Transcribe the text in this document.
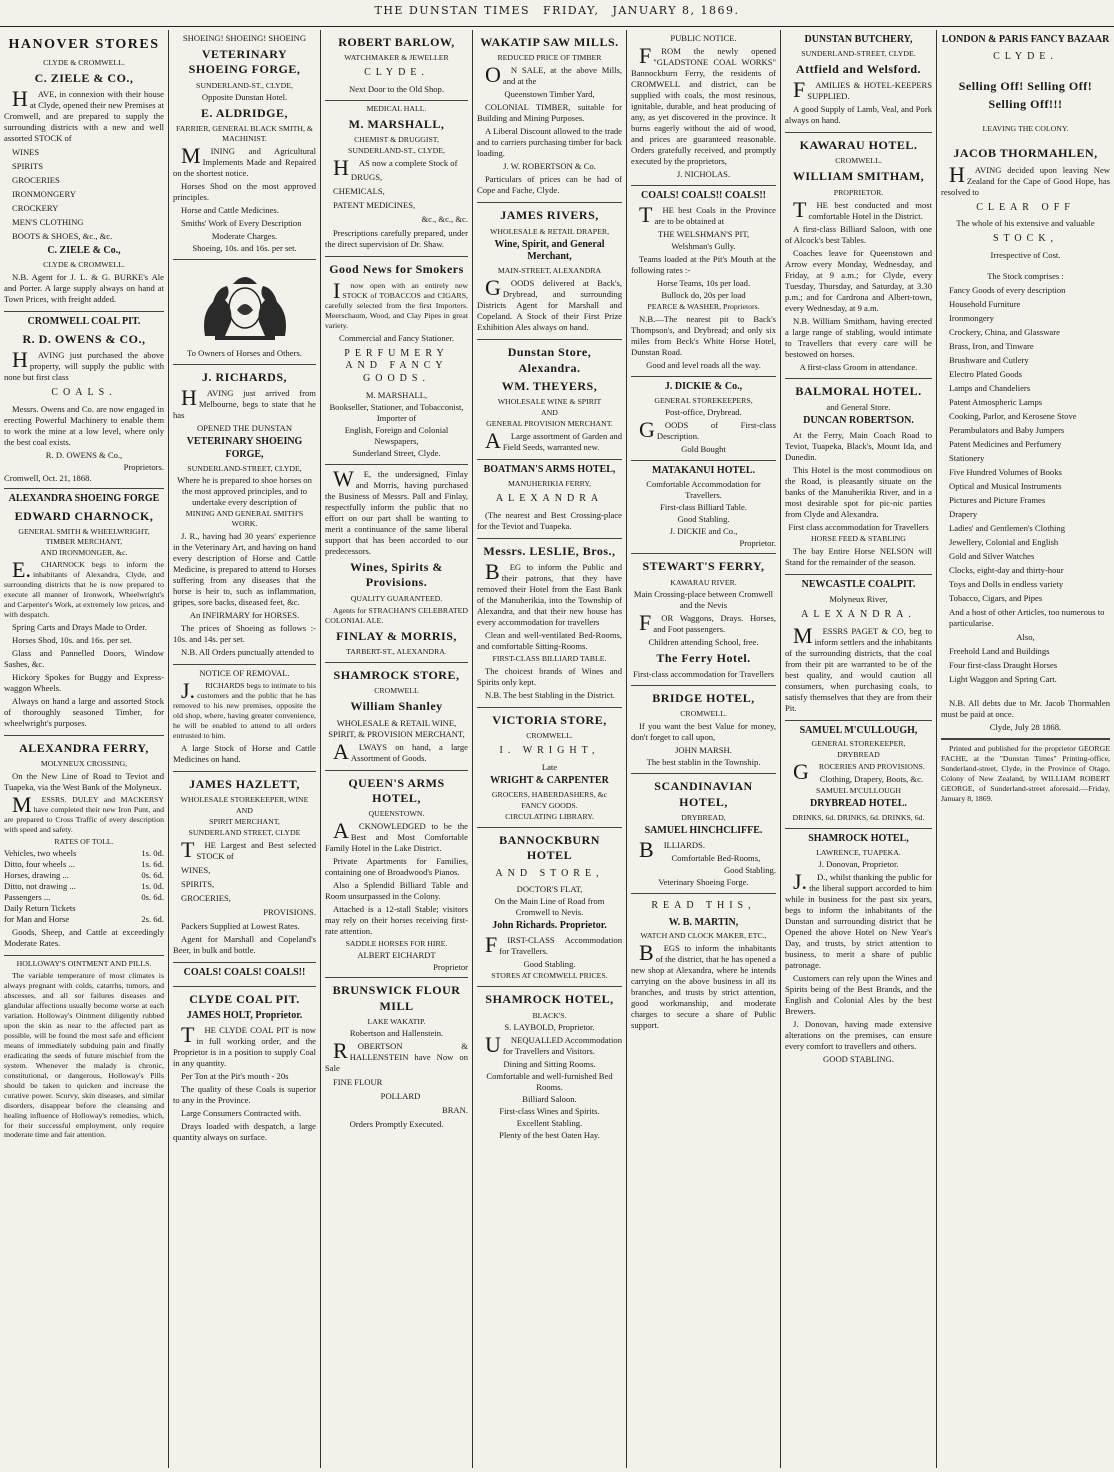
THE DUNSTAN TIMES FRIDAY, JANUARY 8, 1869.
HANOVER STORES
CLYDE & CROMWELL.
C. ZIELE & CO.,

HAVE, in connexion with their house at Clyde, opened their new Premises at Cromwell, and are prepared to supply the surrounding districts with a new and well assorted STOCK of

WINES
SPIRITS
GROCERIES
IRONMONGERY
CROCKERY
MEN'S CLOTHING
BOOTS & SHOES, &c., &c.
C. ZIELE & Co.,
CLYDE & CROMWELL.

N.B. Agent for J. L. & G. BURKE's Ale and Porter. A large supply always on hand at Town Prices, with freight added.

CROMWELL COAL PIT.
R. D. OWENS & CO.,

HAVING just purchased the above property, will supply the public with none but first class

COALS.

Messrs. Owens and Co. are now engaged in erecting Powerful Machinery to enable them to work the mine at a low level, where only the best coal exists.

R. D. OWENS & Co.,
Proprietors.
Cromwell, Oct. 21, 1868.
ALEXANDRA SHOEING FORGE
EDWARD CHARNOCK,
GENERAL SMITH & WHEELWRIGHT, TIMBER MERCHANT,
AND IRONMONGER, &c.

E.CHARNOCK begs to inform the inhabitants of Alexandra, Clyde, and surrounding districts that he is now prepared to execute all manner of Ironwork, Wheelwright's and Carpenter's Work, at extremely low prices, and with despatch.

Spring Carts and Drays Made to Order.

Horses Shod, 10s. and 16s. per set.

Glass and Pannelled Doors, Window Sashes, &c.

Hickory Spokes for Buggy and Express-waggon Wheels.

Always on hand a large and assorted Stock of thoroughly seasoned Timber, for wheelwright's purposes.

ALEXANDRA FERRY,
MOLYNEUX CROSSING,

On the New Line of Road to Teviot and Tuapeka, via the West Bank of the Molyneux.

MESSRS. DULEY and MACKERSY have completed their new Iron Punt, and are prepared to Cross Traffic of every description with speed and safety.

RATES OF TOLL.
Vehicles, two wheels	1s. 0d.
Ditto, four wheels ...	1s. 6d.
Horses, drawing ...	0s. 6d.
Ditto, not drawing ...	1s. 0d.
Passengers ...	0s. 6d.
Daily Return Tickets
for Man and Horse	2s. 6d.

Goods, Sheep, and Cattle at exceedingly Moderate Rates.

HOLLOWAY'S OINTMENT AND PILLS.

The variable temperature of most climates is always pregnant with colds, catarrhs, tumors, and abscesses, and all sor failures diseases and glandular affections usually become worse at each variation. Holloway's Ointment diligently rubbed upon the skin as near to the affected part as possible, will be found the most safe and efficient means of immediately subduing pain and finally eradicating the seeds of future mischief from the system. Whenever the malady is chronic, constitutional, or dangerous, Holloway's Pills should be taken to quicken and increase the curative power. Scurvy, skin diseases, and similar disorders, disappear before the cleansing and healing influence of Holloway's remedies, which, for their successful employment, only require moderate time and fair attention.

SHOEING! SHOEING! SHOEING
VETERINARY SHOEING FORGE,
SUNDERLAND-ST., CLYDE,
Opposite Dunstan Hotel.
E. ALDRIDGE,
FARRIER, GENERAL BLACK SMITH, & MACHINIST.

MINING and Agricultural Implements Made and Repaired on the shortest notice.

Horses Shod on the most approved principles.

Horse and Cattle Medicines.

Smiths' Work of Every Description

Moderate Charges.
Shoeing, 10s. and 16s. per set.
To Owners of Horses and Others.
J. RICHARDS,

HAVING just arrived from Melbourne, begs to state that he has

OPENED THE DUNSTAN
VETERINARY SHOEING FORGE,
SUNDERLAND-STREET, CLYDE,
Where he is prepared to shoe horses on the most approved principles, and to undertake every description of
MINING AND GENERAL SMITH'S WORK.

J. R., having had 30 years' experience in the Veterinary Art, and having on hand every description of Horse and Cattle Medicine, is prepared to attend to Horses suffering from any diseases that the horse is heir to, such as inflammation, gripes, sore backs, diseased feet, &c.

An INFIRMARY for HORSES.

The prices of Shoeing as follows :- 10s. and 14s. per set.

N.B. All Orders punctually attended to

NOTICE OF REMOVAL.

J.RICHARDS begs to intimate to his customers and the public that he has removed to his new premises, opposite the old shop, where, having greater convenience, he will be enabled to attend to all orders entrusted to him.

A large Stock of Horse and Cattle Medicines on hand.

JAMES HAZLETT,
WHOLESALE STOREKEEPER, WINE
AND
SPIRIT MERCHANT,
SUNDERLAND STREET, CLYDE

THE Largest and Best selected STOCK of

WINES,
SPIRITS,
GROCERIES,
PROVISIONS.

Packers Supplied at Lowest Rates.

Agent for Marshall and Copeland's Beer, in bulk and bottle.

COALS! COALS! COALS!!
CLYDE COAL PIT.
JAMES HOLT, Proprietor.

THE CLYDE COAL PIT is now in full working order, and the Proprietor is in a position to supply Coal in any quantity.

Per Ton at the Pit's mouth - 20s

The quality of these Coals is superior to any in the Province.

Large Consumers Contracted with.

Drays loaded with despatch, a large quantity always on surface.

ROBERT BARLOW,
WATCHMAKER & JEWELLER
CLYDE.
Next Door to the Old Shop.
MEDICAL HALL.
M. MARSHALL,
CHEMIST & DRUGGIST,
SUNDERLAND-ST., CLYDE,

HAS now a complete Stock of

DRUGS,
CHEMICALS,
PATENT MEDICINES,
&c., &c., &c.

Prescriptions carefully prepared, under the direct supervision of Dr. Shaw.

Good News for Smokers

Inow open with an entirely new STOCK of TOBACCOS and CIGARS, carefully selected from the first Importers. Meerschaum, Wood, and Clay Pipes in great variety.

Commercial and Fancy Stationer.
PERFUMERY AND FANCY GOODS.
M. MARSHALL,
Bookseller, Stationer, and Tobacconist, Importer of
English, Foreign and Colonial Newspapers,
Sunderland Street, Clyde.

WE, the undersigned, Finlay and Morris, having purchased the Business of Messrs. Pall and Finlay, respectfully inform the public that no effort on our part shall be wanting to merit a continuance of the same liberal support that has been accorded to our predecessors.

Wines, Spirits & Provisions.
QUALITY GUARANTEED.

Agents for STRACHAN'S CELEBRATED COLONIAL ALE.

FINLAY & MORRIS,
TARBERT-ST., ALEXANDRA.
SHAMROCK STORE,
CROMWELL
William Shanley
WHOLESALE & RETAIL WINE, SPIRIT, & PROVISION MERCHANT,

ALWAYS on hand, a large Assortment of Goods.

QUEEN'S ARMS HOTEL,
QUEENSTOWN.

ACKNOWLEDGED to be the Best and Most Comfortable Family Hotel in the Lake District.

Private Apartments for Families, containing one of Broadwood's Pianos.

Also a Splendid Billiard Table and Room unsurpassed in the Colony.

Attached is a 12-stall Stable; visitors may rely on their horses receiving first-rate attention.

SADDLE HORSES FOR HIRE.
ALBERT EICHARDT
Proprietor
BRUNSWICK FLOUR MILL
LAKE WAKATIP.
Robertson and Hallenstein.

ROBERTSON & HALLENSTEIN have Now on Sale

FINE FLOUR
POLLARD
BRAN.
Orders Promptly Executed.
WAKATIP SAW MILLS.
REDUCED PRICE OF TIMBER

ON SALE, at the above Mills, and at the

Queenstown Timber Yard,

COLONIAL TIMBER, suitable for Building and Mining Purposes.

A Liberal Discount allowed to the trade and to carriers purchasing timber for back loading.

J. W. ROBERTSON & Co.

Particulars of prices can be had of Cope and Fache, Clyde.

JAMES RIVERS,
WHOLESALE & RETAIL DRAPER,
Wine, Spirit, and General Merchant,
MAIN-STREET, ALEXANDRA

GOODS delivered at Back's, Drybread, and surrounding Districts Agent for Marshall and Copeland. A Stock of their First Prize Exhibition Ales always on hand.

Dunstan Store, Alexandra.
WM. THEYERS,
WHOLESALE WINE & SPIRIT
AND
GENERAL PROVISION MERCHANT.

ALarge assortment of Garden and Field Seeds, warranted new.

BOATMAN'S ARMS HOTEL,
MANUHERIKIA FERRY,
ALEXANDRA

(The nearest and Best Crossing-place for the Teviot and Tuapeka.

Messrs. LESLIE, Bros.,

BEG to inform the Public and their patrons, that they have removed their Hotel from the East Bank of the Manuherikia, into the Township of Alexandra, and that their new house has every accommodation for travellers

Clean and well-ventilated Bed-Rooms, and comfortable Sitting-Rooms.

FIRST-CLASS BILLIARD TABLE.

The choicest brands of Wines and Spirits only kept.

N.B. The best Stabling in the District.

VICTORIA STORE,
CROMWELL.
I. WRIGHT,
Late
WRIGHT & CARPENTER
GROCERS, HABERDASHERS, &c
FANCY GOODS.
CIRCULATING LIBRARY.
BANNOCKBURN HOTEL
AND STORE,
DOCTOR'S FLAT,
On the Main Line of Road from Cromwell to Nevis.
John Richards. Proprietor.

FIRST-CLASS Accommodation for Travellers.

Good Stabling.
STORES AT CROMWELL PRICES.
SHAMROCK HOTEL,
BLACK'S.
S. LAYBOLD, Proprietor.

UNEQUALLED Accommodation for Travellers and Visitors.

Dining and Sitting Rooms.
Comfortable and well-furnished Bed Rooms.
Billiard Saloon.
First-class Wines and Spirits.
Excellent Stabling.
Plenty of the best Oaten Hay.
PUBLIC NOTICE.

FROM the newly opened "GLADSTONE COAL WORKS" Bannockburn Ferry, the residents of CROMWELL and district, can be supplied with coals, the most resinous, ignitable, durable, and heat producing of any, as yet discovered in the province. It burns eagerly without the aid of wood, and prices are guaranteed reasonable. Orders gratefully received, and promptly executed by the proprietors,

J. NICHOLAS.
COALS! COALS!! COALS!!

THE best Coals in the Province are to be obtained at

THE WELSHMAN'S PIT,
Welshman's Gully.

Teams loaded at the Pit's Mouth at the following rates :-

Horse Teams, 10s per load.
Bullock do, 20s per load
PEARCE & WASHER, Proprietors.

N.B.—The nearest pit to Back's Thompson's, and Drybread; and only six miles from Beck's White Horse Hotel, Dunstan Road.

Good and level roads all the way.
J. DICKIE & Co.,
GENERAL STOREKEEPERS,
Post-office, Drybread.

GOODS of First-class Description.

Gold Bought
MATAKANUI HOTEL.
Comfortable Accommodation for Travellers.
First-class Billiard Table.
Good Stabling.
J. DICKIE and Co.,
Proprietor.
STEWART'S FERRY,
KAWARAU RIVER.
Main Crossing-place between Cromwell and the Nevis

FOR Waggons, Drays. Horses, and Foot passengers.

Children attending School, free.
The Ferry Hotel.
First-class accommodation for Travellers
BRIDGE HOTEL,
CROMWELL.

If you want the best Value for money, don't forget to call upon,

JOHN MARSH.
The best stablin in the Township.
SCANDINAVIAN HOTEL,
DRYBREAD,
SAMUEL HINCHCLIFFE.

BILLIARDS.

Comfortable Bed-Rooms,
Good Stabling.
Veterinary Shoeing Forge.
READ THIS,
W. B. MARTIN,
WATCH AND CLOCK MAKER, ETC.,

BEGS to inform the inhabitants of the district, that he has opened a new shop at Alexandra, where he intends carrying on the above business in all its branches, and trusts by strict attention, good workmanship, and moderate charges to secure a share of Public support.

DUNSTAN BUTCHERY,
SUNDERLAND-STREET, CLYDE.
Attfield and Welsford.

FAMILIES & HOTEL-KEEPERS SUPPLIED.

A good Supply of Lamb, Veal, and Pork always on hand.

KAWARAU HOTEL.
CROMWELL.
WILLIAM SMITHAM,
PROPRIETOR.

THE best conducted and most comfortable Hotel in the District.

A first-class Billiard Saloon, with one of Alcock's best Tables.

Coaches leave for Queenstown and Arrow every Monday, Wednesday, and Friday, at 9 a.m.; for Clyde, every Tuesday, Thursday, and Saturday, at 3.30 p.m.; and for Cardrona and Albert-town, every Wednesday, at 9 a.m.

N.B. William Smitham, having erected a large range of stabling, would intimate to Travellers that every care will be bestowed on horses.

A first-class Groom in attendance.
BALMORAL HOTEL.
and General Store.
DUNCAN ROBERTSON.

At the Ferry, Main Coach Road to Teviot, Tuapeka, Black's, Mount Ida, and Dunedin.

This Hotel is the most commodious on the Road, is pleasantly situate on the banks of the Manuherikia River, and in a most desirable spot for pic-nic parties from Clyde and Alexandra.

First class accommodation for Travellers
HORSE FEED & STABLING

The bay Entire Horse NELSON will Stand for the remainder of the season.

NEWCASTLE COALPIT.
Molyneux River,
ALEXANDRA.

MESSRS PAGET & CO, beg to inform settlers and the inhabitants of the surrounding districts, that the coal from their pit are warranted to be of the best quality, and would caution all consumers, when purchasing coals, to satisfy themselves that they are from their Pit.

SAMUEL M'CULLOUGH,
GENERAL STOREKEEPER,
DRYBREAD

GROCERIES AND PROVISIONS.

Clothing, Drapery, Boots, &c.
SAMUEL M'CULLOUGH
DRYBREAD HOTEL.
DRINKS, 6d. DRINKS, 6d. DRINKS, 6d.
SHAMROCK HOTEL,
LAWRENCE, TUAPEKA.
J. Donovan, Proprietor.

J.D., whilst thanking the public for the liberal support accorded to him while in business for the past six years, begs to inform the inhabitants of the Dunstan and surrounding district that he Opened the above Hotel on New Year's Day, and trusts, by strict attention to business, to merit a share of public patronage.

Customers can rely upon the Wines and Spirits being of the Best Brands, and the English and Colonial Ales by the best Brewers.

J. Donovan, having made extensive alterations on the premises, can ensure every comfort to travellers and others.

GOOD STABLING.
LONDON & PARIS FANCY BAZAAR
CLYDE.
Selling Off! Selling Off!
Selling Off!!!
LEAVING THE COLONY.
JACOB THORMAHLEN,

HAVING decided upon leaving New Zealand for the Cape of Good Hope, has resolved to

CLEAR OFF
The whole of his extensive and valuable
STOCK,
Irrespective of Cost.
The Stock comprises :
Fancy Goods of every description
Household Furniture
Ironmongery
Crockery, China, and Glassware
Brass, Iron, and Tinware
Brushware and Cutlery
Electro Plated Goods
Lamps and Chandeliers
Patent Atmospheric Lamps
Cooking, Parlor, and Kerosene Stove
Perambulators and Baby Jumpers
Patent Medicines and Perfumery
Stationery
Five Hundred Volumes of Books
Optical and Musical Instruments
Pictures and Picture Frames
Drapery
Ladies' and Gentlemen's Clothing
Jewellery, Colonial and English
Gold and Silver Watches
Clocks, eight-day and thirty-hour
Toys and Dolls in endless variety
Tobacco, Cigars, and Pipes
And a host of other Articles, too numerous to particularise.
Also,
Freehold Land and Buildings
Four first-class Draught Horses
Light Waggon and Spring Cart.

N.B. All debts due to Mr. Jacob Thormahlen must be paid at once.

Clyde, July 28 1868.

Printed and published for the proprietor GEORGE FACHE, at the "Dunstan Times" Printing-office, Sunderland-street, Clyde, in the Province of Otago, Colony of New Zealand, by WILLIAM ROBERT GEORGE, of Sunderland-street aforesaid.—Friday, January 8, 1869.
